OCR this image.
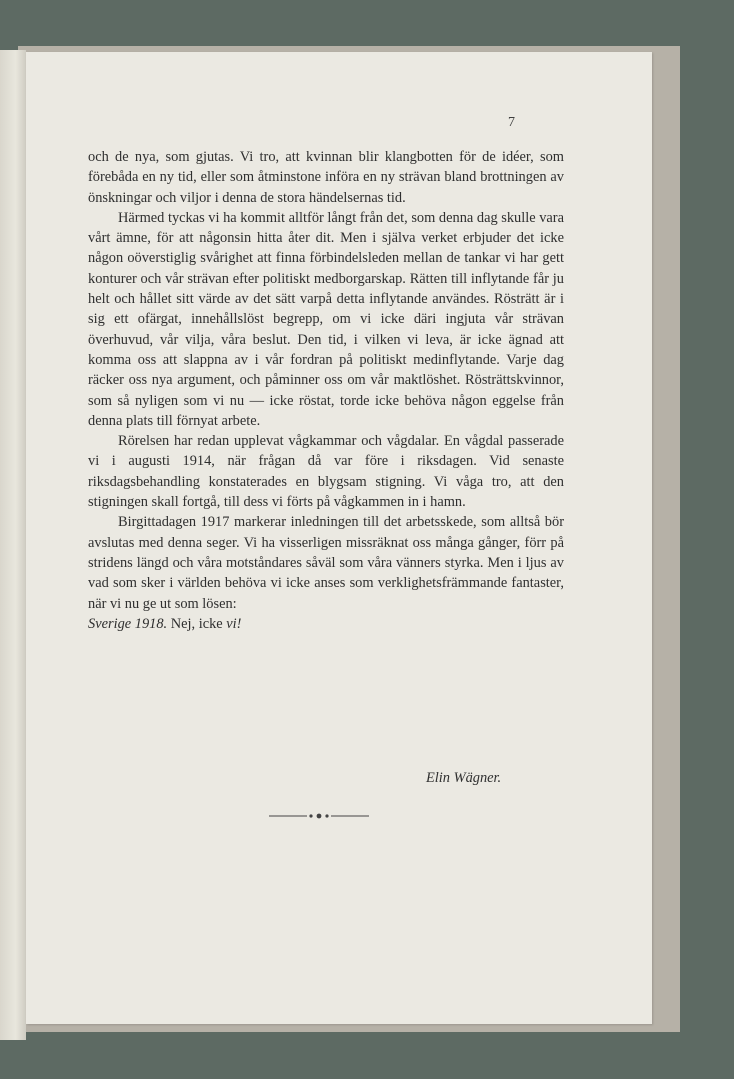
7

och de nya, som gjutas. Vi tro, att kvinnan blir klangbotten för de idéer, som förebåda en ny tid, eller som åtminstone införa en ny strävan bland brottningen av önskningar och viljor i denna de stora händelsernas tid.

Härmed tyckas vi ha kommit alltför långt från det, som denna dag skulle vara vårt ämne, för att någonsin hitta åter dit. Men i själva verket erbjuder det icke någon oöverstiglig svårighet att finna förbindelsleden mellan de tankar vi har gett konturer och vår strävan efter politiskt medborgarskap. Rätten till inflytande får ju helt och hållet sitt värde av det sätt varpå detta inflytande användes. Rösträtt är i sig ett ofärgat, innehållslöst begrepp, om vi icke däri ingjuta vår strävan överhuvud, vår vilja, våra beslut. Den tid, i vilken vi leva, är icke ägnad att komma oss att slappna av i vår fordran på politiskt medinflytande. Varje dag räcker oss nya argument, och påminner oss om vår maktlöshet. Rösträttskvinnor, som så nyligen som vi nu — icke röstat, torde icke behöva någon eggelse från denna plats till förnyat arbete.

Rörelsen har redan upplevat vågkammar och vågdalar. En vågdal passerade vi i augusti 1914, när frågan då var före i riksdagen. Vid senaste riksdagsbehandling konstaterades en blygsam stigning. Vi våga tro, att den stigningen skall fortgå, till dess vi förts på vågkammen in i hamn.

Birgittadagen 1917 markerar inledningen till det arbetsskede, som alltså bör avslutas med denna seger. Vi ha visserligen missräknat oss många gånger, förr på stridens längd och våra motståndares såväl som våra vänners styrka. Men i ljus av vad som sker i världen behöva vi icke anses som verklighetsfrämmande fantaster, när vi nu ge ut som lösen:

Sverige 1918. Nej, icke vi!

Elin Wägner.
